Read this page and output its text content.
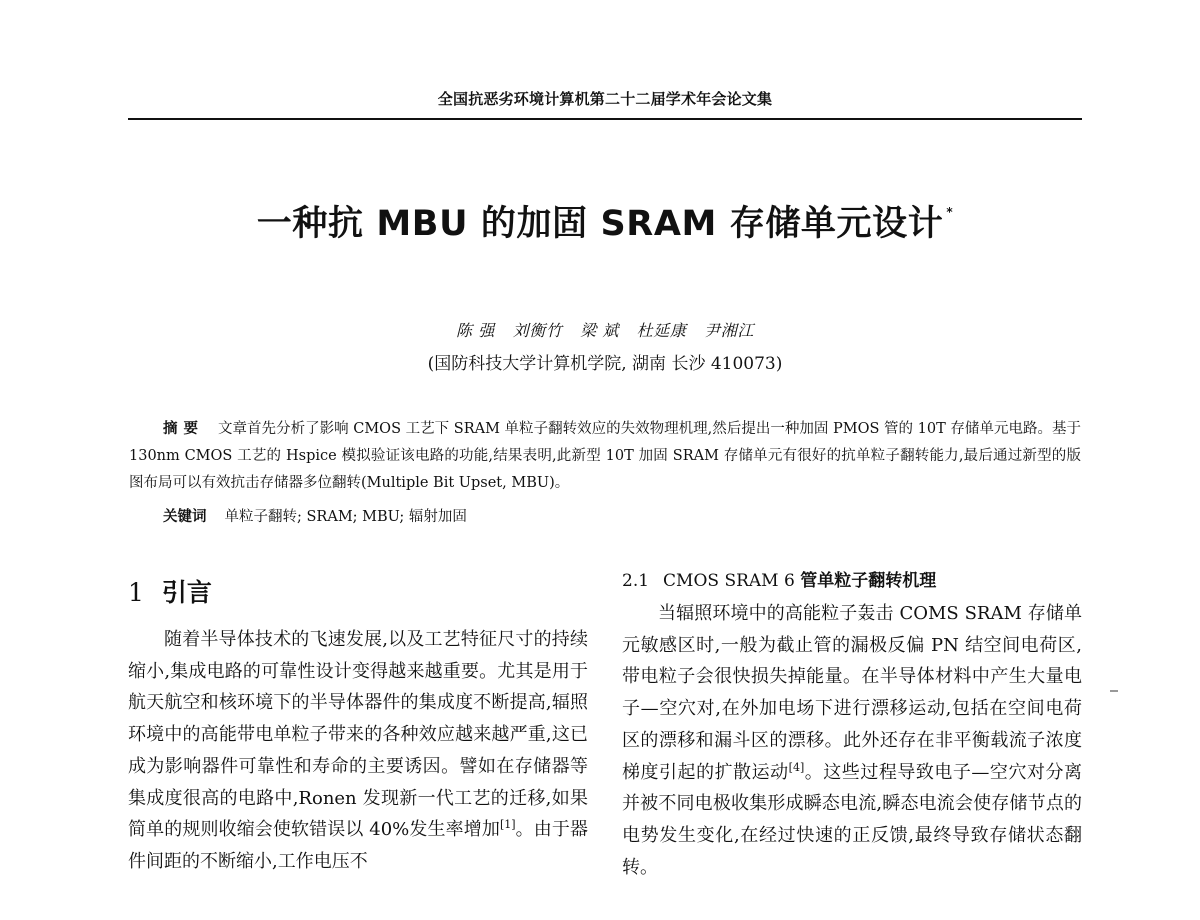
全国抗恶劣环境计算机第二十二届学术年会论文集
一种抗 MBU 的加固 SRAM 存储单元设计 *
陈 强 刘衡竹 梁 斌 杜延康 尹湘江
(国防科技大学计算机学院, 湖南 长沙 410073)
摘要 文章首先分析了影响 CMOS 工艺下 SRAM 单粒子翻转效应的失效物理机理,然后提出一种加固 PMOS 管的 10T 存储单元电路。基于 130nm CMOS 工艺的 Hspice 模拟验证该电路的功能,结果表明,此新型 10T 加固 SRAM 存储单元有很好的抗单粒子翻转能力,最后通过新型的版图布局可以有效抗击存储器多位翻转(Multiple Bit Upset, MBU)。
关键词 单粒子翻转; SRAM; MBU; 辐射加固
1 引言

随着半导体技术的飞速发展,以及工艺特征尺寸的持续缩小,集成电路的可靠性设计变得越来越重要。尤其是用于航天航空和核环境下的半导体器件的集成度不断提高,辐照环境中的高能带电单粒子带来的各种效应越来越严重,这已成为影响器件可靠性和寿命的主要诱因。譬如在存储器等集成度很高的电路中,Ronen 发现新一代工艺的迁移,如果简单的规则收缩会使软错误以 40%发生率增加[1]。由于器件间距的不断缩小,工作电压不

2.1 CMOS SRAM 6 管单粒子翻转机理

当辐照环境中的高能粒子轰击 COMS SRAM 存储单元敏感区时,一般为截止管的漏极反偏 PN 结空间电荷区,带电粒子会很快损失掉能量。在半导体材料中产生大量电子—空穴对,在外加电场下进行漂移运动,包括在空间电荷区的漂移和漏斗区的漂移。此外还存在非平衡载流子浓度梯度引起的扩散运动[4]。这些过程导致电子—空穴对分离并被不同电极收集形成瞬态电流,瞬态电流会使存储节点的电势发生变化,在经过快速的正反馈,最终导致存储状态翻转。
